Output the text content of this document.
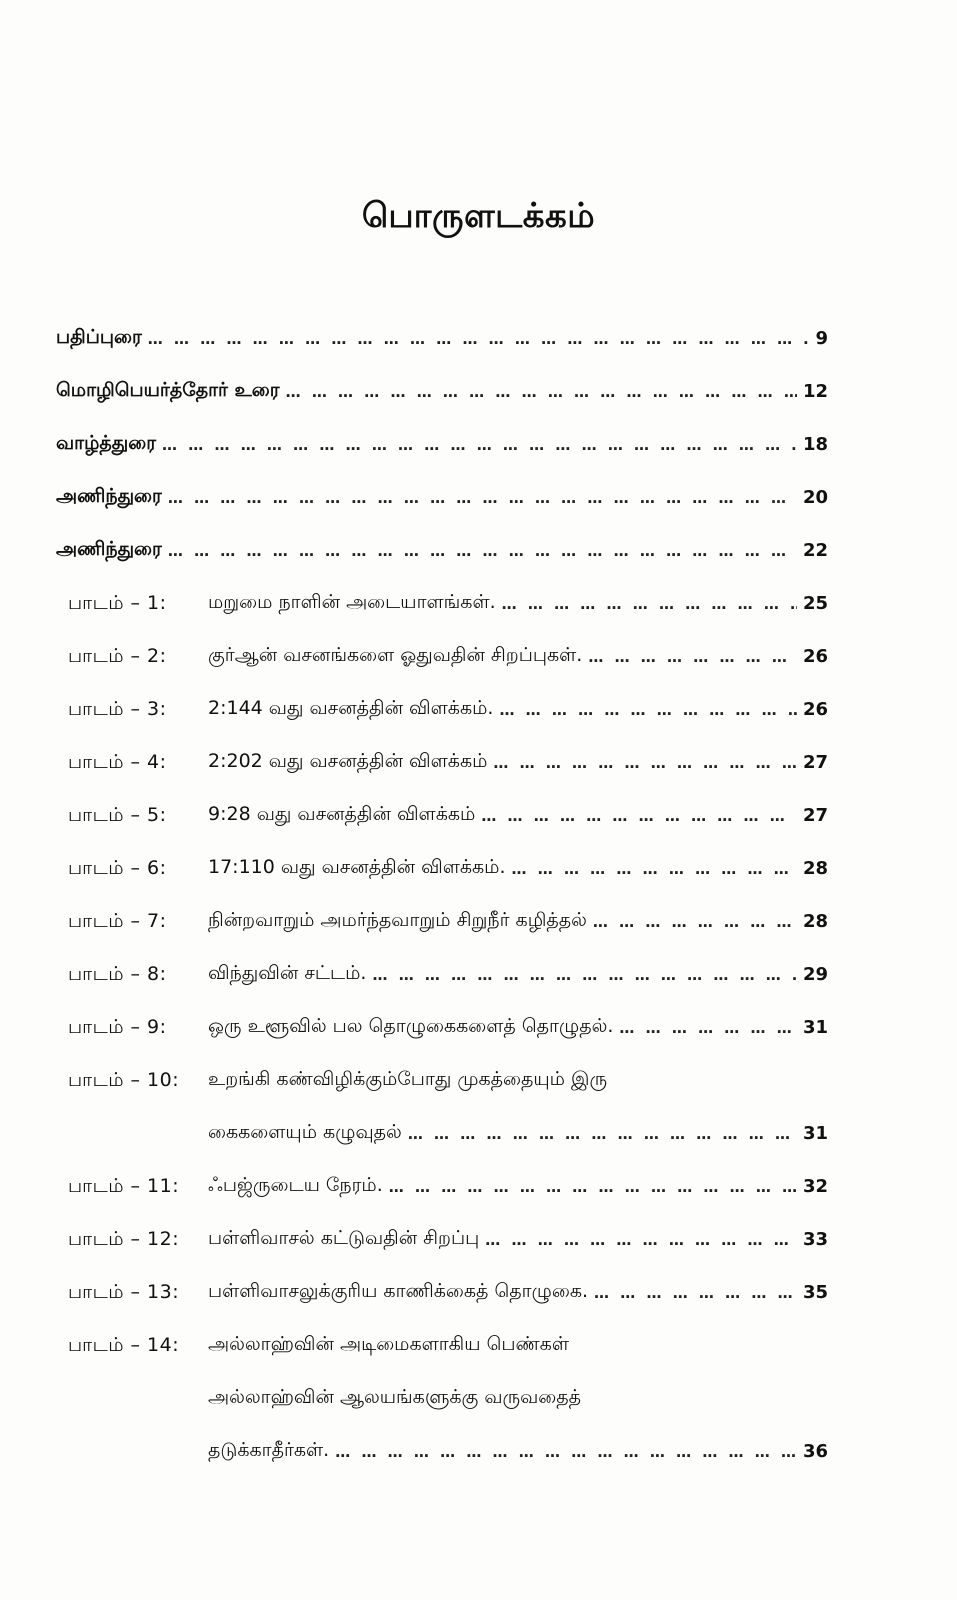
பொருளடக்கம்
பதிப்புரை … … … … … … … … … … … … … … … … … … … … … … … … … … … … … … … … … … … … … … … … … … … …	9
மொழிபெயர்த்தோர் உரை … … … … … … … … … … … … … … … … … … … … … … … … … … … … … … … … … … … … … … … … … … … …	12
வாழ்த்துரை … … … … … … … … … … … … … … … … … … … … … … … … … … … … … … … … … … … … … … … … … … … …	18
அணிந்துரை … … … … … … … … … … … … … … … … … … … … … … … … … … … … … … … … … … … … … … … … … … … …	20
அணிந்துரை … … … … … … … … … … … … … … … … … … … … … … … … … … … … … … … … … … … … … … … … … … … …	22
பாடம் – 1:	மறுமை நாளின் அடையாளங்கள். … … … … … … … … … … … … … … … … … … … … … … … … … … … … … … … … … … … … … … … … … … … …	25
பாடம் – 2:	குர்ஆன் வசனங்களை ஓதுவதின் சிறப்புகள். … … … … … … … … … … … … … … … … … … … … … … … … … … … … … … … … … … … … … … … … … … … …	26
பாடம் – 3:	2:144 வது வசனத்தின் விளக்கம். … … … … … … … … … … … … … … … … … … … … … … … … … … … … … … … … … … … … … … … … … … … …	26
பாடம் – 4:	2:202 வது வசனத்தின் விளக்கம் … … … … … … … … … … … … … … … … … … … … … … … … … … … … … … … … … … … … … … … … … … … …	27
பாடம் – 5:	9:28 வது வசனத்தின் விளக்கம் … … … … … … … … … … … … … … … … … … … … … … … … … … … … … … … … … … … … … … … … … … … …	27
பாடம் – 6:	17:110 வது வசனத்தின் விளக்கம். … … … … … … … … … … … … … … … … … … … … … … … … … … … … … … … … … … … … … … … … … … … …	28
பாடம் – 7:	நின்றவாறும் அமர்ந்தவாறும் சிறுநீர் கழித்தல் … … … … … … … … … … … … … … … … … … … … … … … … … … … … … … … … … … … … … … … … … … … …	28
பாடம் – 8:	விந்துவின் சட்டம். … … … … … … … … … … … … … … … … … … … … … … … … … … … … … … … … … … … … … … … … … … … …	29
பாடம் – 9:	ஒரு உளூவில் பல தொழுகைகளைத் தொழுதல். … … … … … … … … … … … … … … … … … … … … … … … … … … … … … … … … … … … … … … … … … … … …	31
பாடம் – 10:	உறங்கி கண்விழிக்கும்போது முகத்தையும் இரு
கைகளையும் கழுவுதல் … … … … … … … … … … … … … … … … … … … … … … … … … … … … … … … … … … … … … … … … … … … …	31
பாடம் – 11:	ஃபஜ்ருடைய நேரம். … … … … … … … … … … … … … … … … … … … … … … … … … … … … … … … … … … … … … … … … … … … …	32
பாடம் – 12:	பள்ளிவாசல் கட்டுவதின் சிறப்பு … … … … … … … … … … … … … … … … … … … … … … … … … … … … … … … … … … … … … … … … … … … …	33
பாடம் – 13:	பள்ளிவாசலுக்குரிய காணிக்கைத் தொழுகை. … … … … … … … … … … … … … … … … … … … … … … … … … … … … … … … … … … … … … … … … … … … …	35
பாடம் – 14:	அல்லாஹ்வின் அடிமைகளாகிய பெண்கள்
அல்லாஹ்வின் ஆலயங்களுக்கு வருவதைத்
தடுக்காதீர்கள். … … … … … … … … … … … … … … … … … … … … … … … … … … … … … … … … … … … … … … … … … … … …	36
